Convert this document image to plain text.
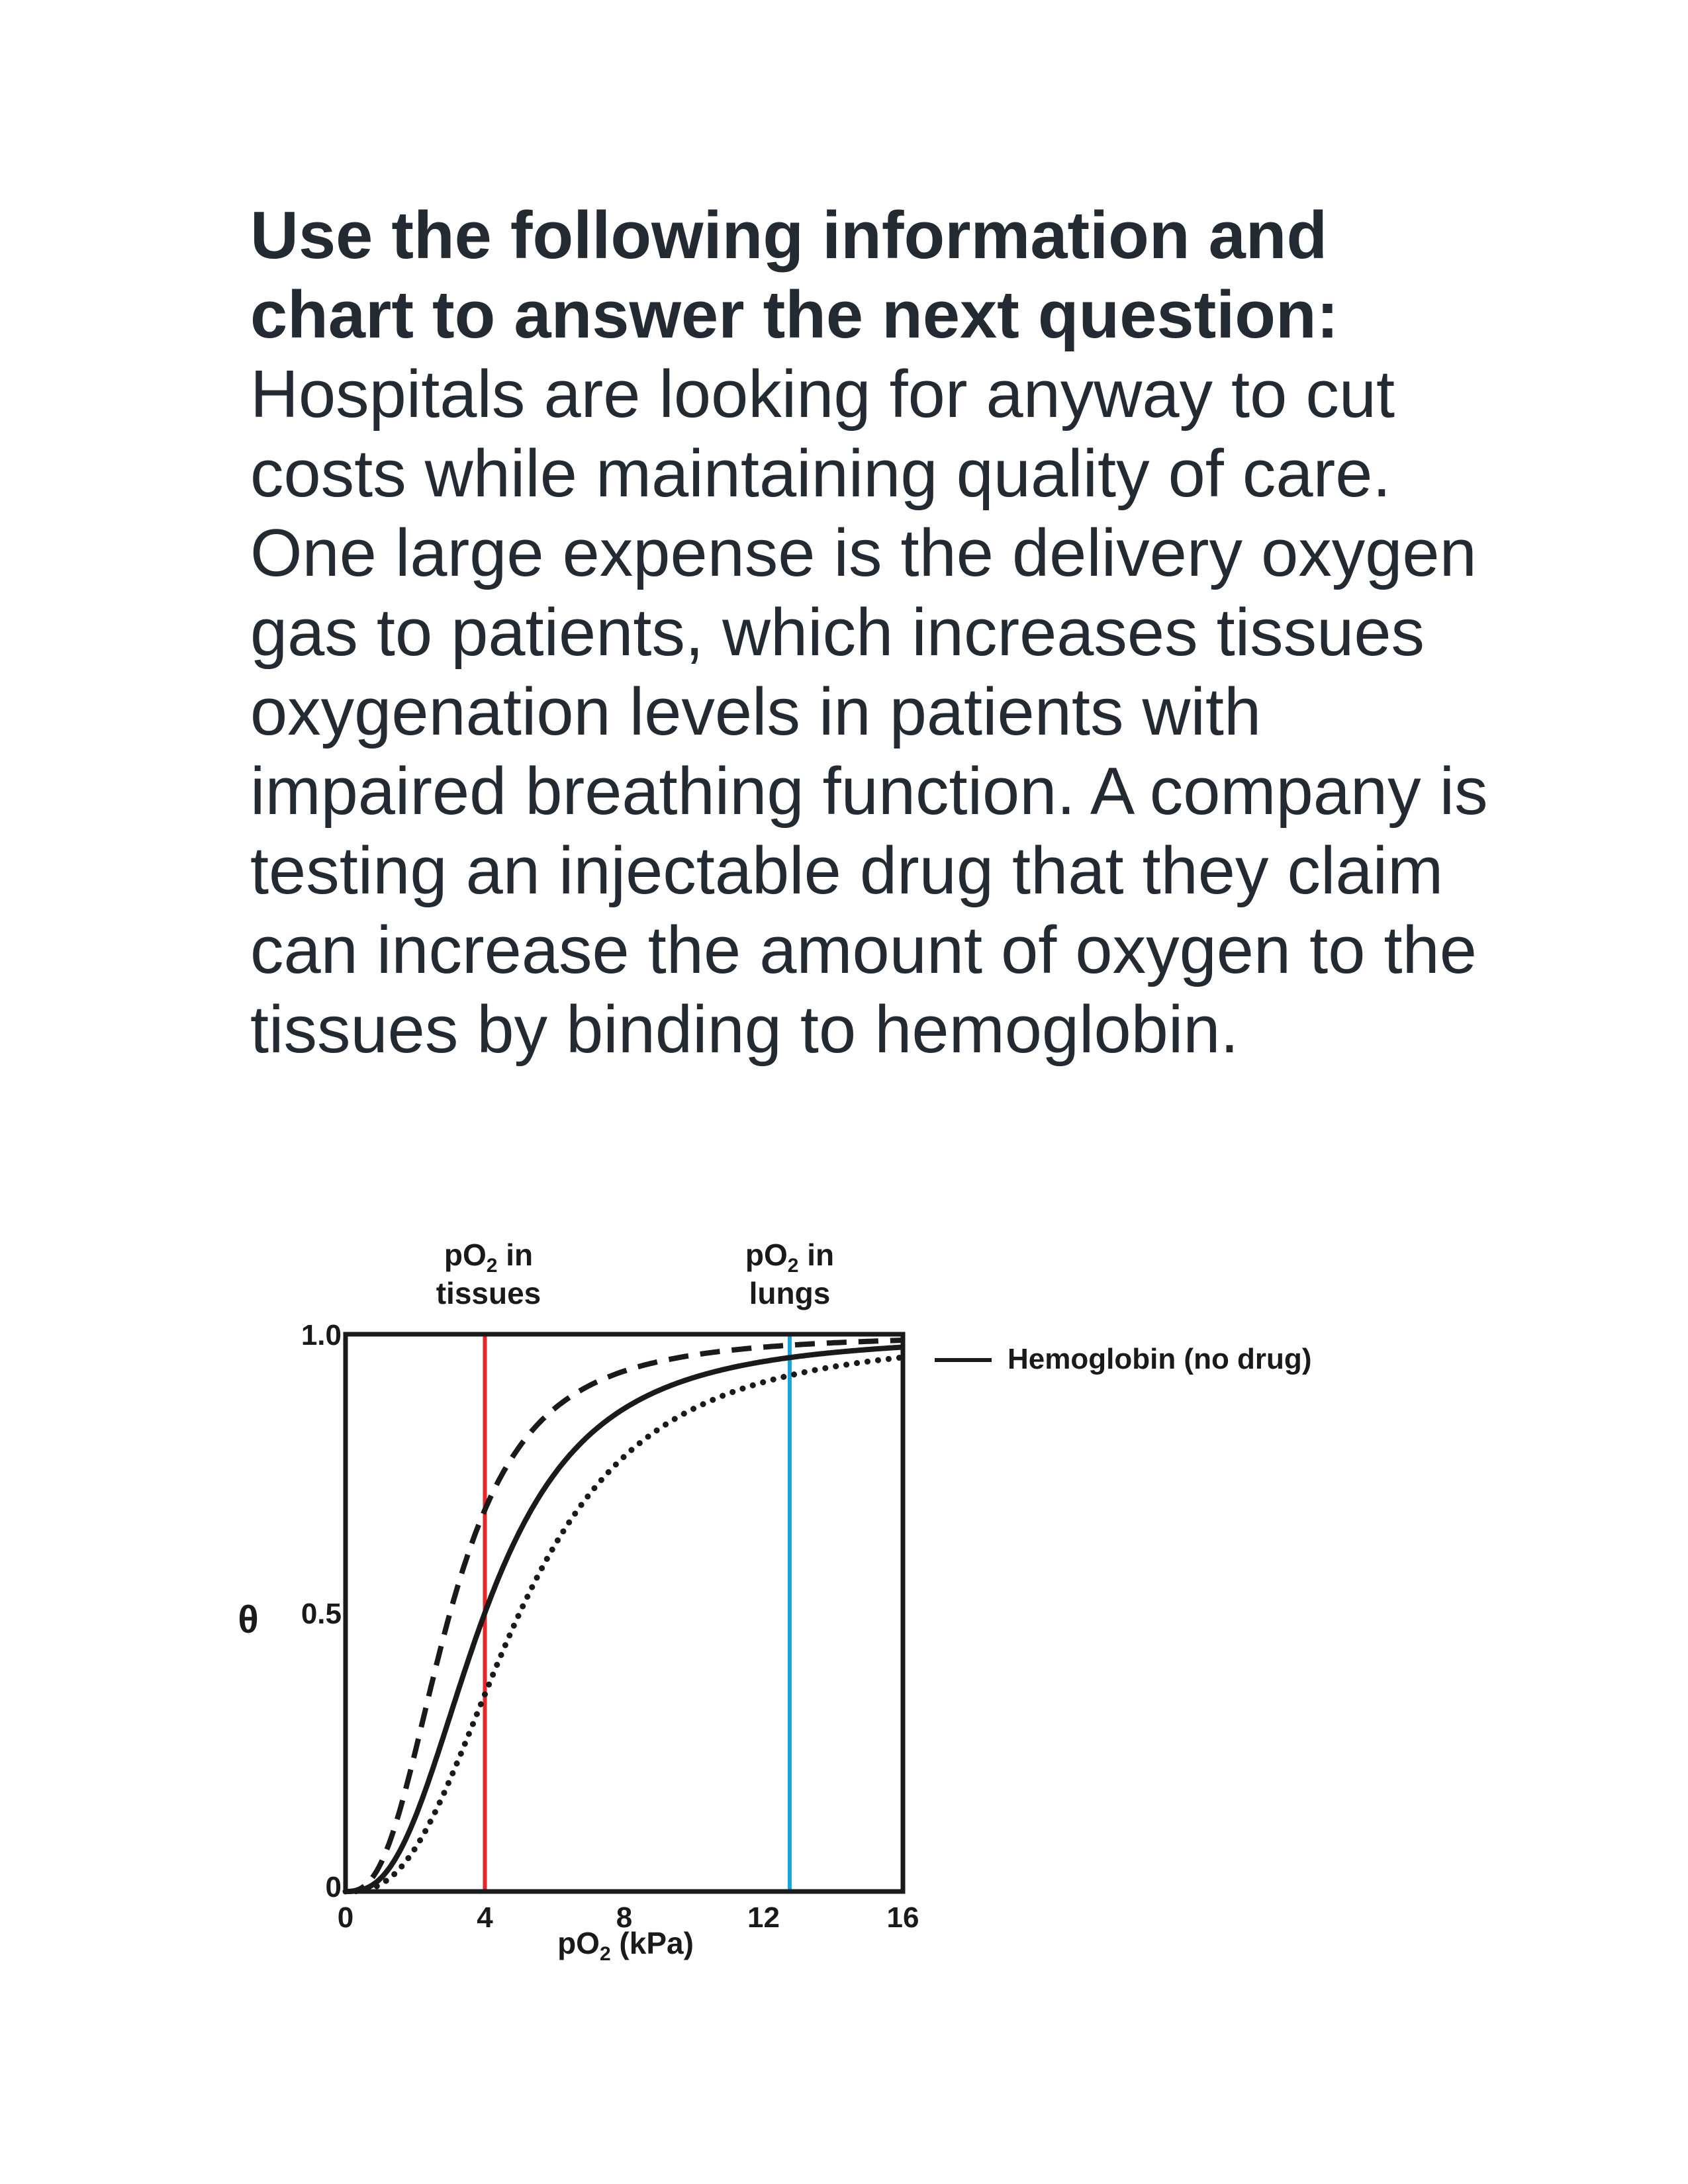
Use the following information and chart to answer the next question:
Hospitals are looking for anyway to cut costs while maintaining quality of care. One large expense is the delivery oxygen gas to patients, which increases tissues oxygenation levels in patients with impaired breathing function. A company is testing an injectable drug that they claim can increase the amount of oxygen to the tissues by binding to hemoglobin.
$pO_2$ in
tissues
$pO_2$ in
lungs
θ
$pO_2$ (kPa)
0	4	8	12	16
0
0.5
1.0
Hemoglobin (no drug)
